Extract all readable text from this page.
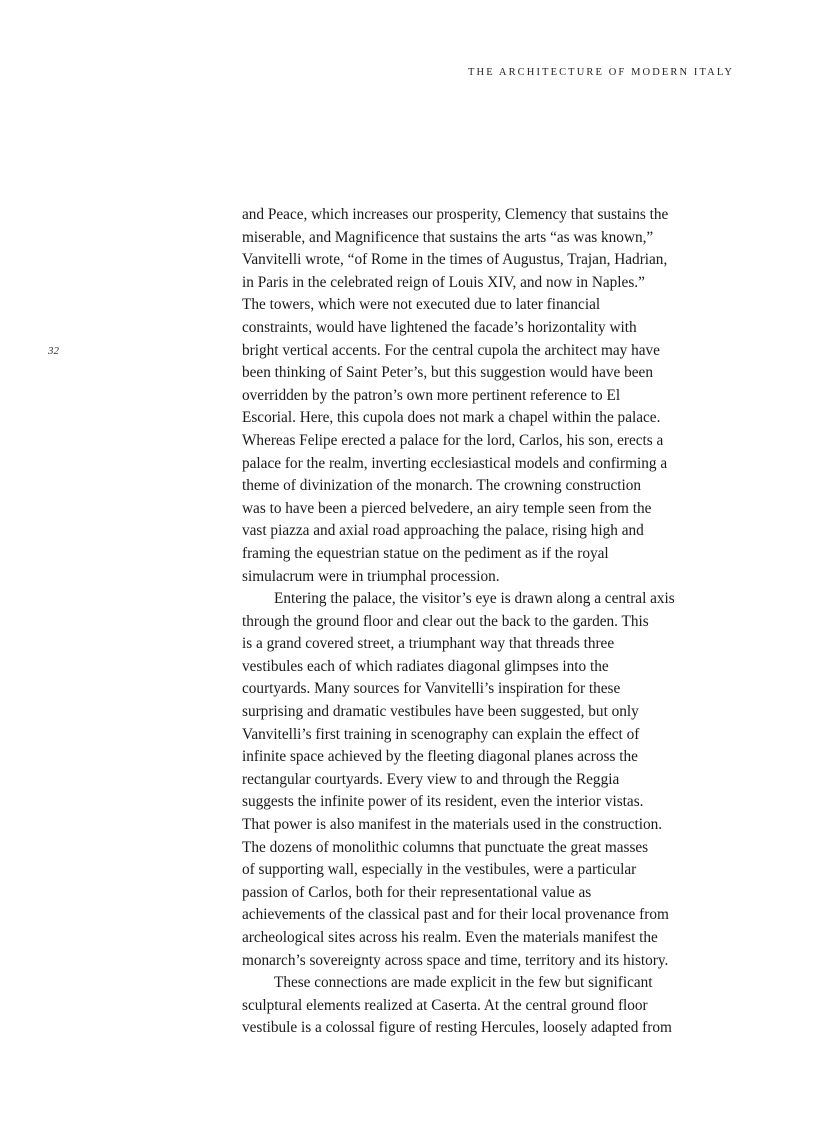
THE ARCHITECTURE OF MODERN ITALY
32
and Peace, which increases our prosperity, Clemency that sustains the
miserable, and Magnificence that sustains the arts “as was known,”
Vanvitelli wrote, “of Rome in the times of Augustus, Trajan, Hadrian,
in Paris in the celebrated reign of Louis XIV, and now in Naples.”
The towers, which were not executed due to later financial
constraints, would have lightened the facade’s horizontality with
bright vertical accents. For the central cupola the architect may have
been thinking of Saint Peter’s, but this suggestion would have been
overridden by the patron’s own more pertinent reference to El
Escorial. Here, this cupola does not mark a chapel within the palace.
Whereas Felipe erected a palace for the lord, Carlos, his son, erects a
palace for the realm, inverting ecclesiastical models and confirming a
theme of divinization of the monarch. The crowning construction
was to have been a pierced belvedere, an airy temple seen from the
vast piazza and axial road approaching the palace, rising high and
framing the equestrian statue on the pediment as if the royal
simulacrum were in triumphal procession.
Entering the palace, the visitor’s eye is drawn along a central axis
through the ground floor and clear out the back to the garden. This
is a grand covered street, a triumphant way that threads three
vestibules each of which radiates diagonal glimpses into the
courtyards. Many sources for Vanvitelli’s inspiration for these
surprising and dramatic vestibules have been suggested, but only
Vanvitelli’s first training in scenography can explain the effect of
infinite space achieved by the fleeting diagonal planes across the
rectangular courtyards. Every view to and through the Reggia
suggests the infinite power of its resident, even the interior vistas.
That power is also manifest in the materials used in the construction.
The dozens of monolithic columns that punctuate the great masses
of supporting wall, especially in the vestibules, were a particular
passion of Carlos, both for their representational value as
achievements of the classical past and for their local provenance from
archeological sites across his realm. Even the materials manifest the
monarch’s sovereignty across space and time, territory and its history.
These connections are made explicit in the few but significant
sculptural elements realized at Caserta. At the central ground floor
vestibule is a colossal figure of resting Hercules, loosely adapted from
